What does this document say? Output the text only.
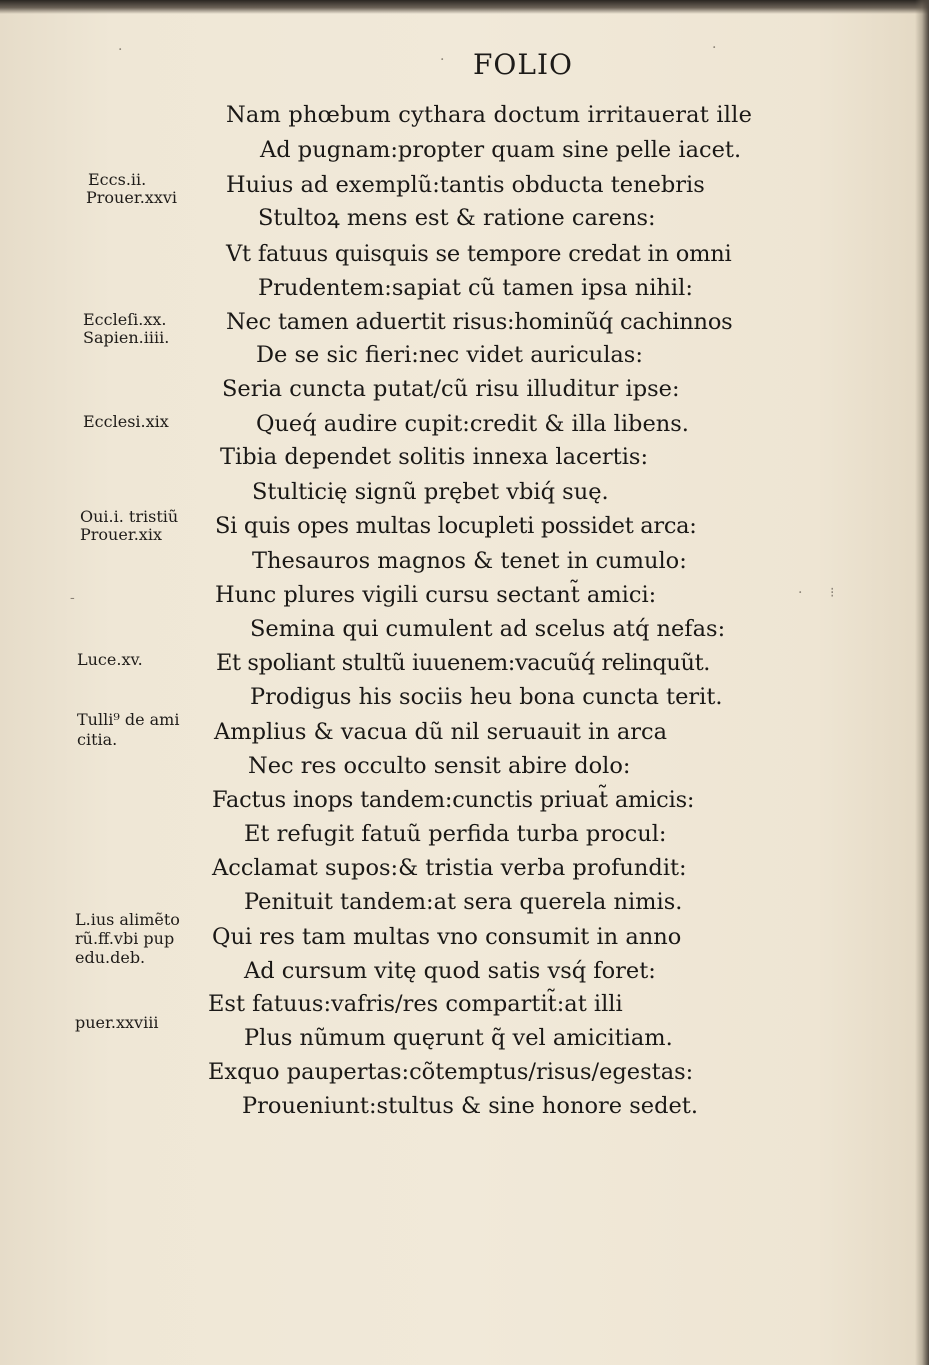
FOLIO
Nam phœbum cythara doctum irritauerat ille
Ad pugnam:propter quam sine pelle iacet.
Huius ad exemplũ:tantis obducta tenebris
Stultoꝝ mens est & ratione carens:
Vt fatuus quisquis se tempore credat in omni
Prudentem:sapiat cũ tamen ipsa nihil:
Nec tamen aduertit risus:hominũq́ cachinnos
De se sic fieri:nec videt auriculas:
Seria cuncta putat/cũ risu illuditur ipse:
Queq́ audire cupit:credit & illa libens.
Tibia dependet solitis innexa lacertis:
Stulticię signũ prębet vbiq́ suę.
Si quis opes multas locupleti possidet arca:
Thesauros magnos & tenet in cumulo:
Hunc plures vigili cursu sectant̃ amici:
Semina qui cumulent ad scelus atq́ nefas:
Et spoliant stultũ iuuenem:vacuũq́ relinquũt.
Prodigus his sociis heu bona cuncta terit.
Amplius & vacua dũ nil seruauit in arca
Nec res occulto sensit abire dolo:
Factus inops tandem:cunctis priuat̃ amicis:
Et refugit fatuũ perfida turba procul:
Acclamat supos:& tristia verba profundit:
Penituit tandem:at sera querela nimis.
Qui res tam multas vno consumit in anno
Ad cursum vitę quod satis vsq́ foret:
Est fatuus:vafris/res compartit̃:at illi
Plus nũmum quęrunt q̃ vel amicitiam.
Exquo paupertas:cõtemptus/risus/egestas:
Proueniunt:stultus & sine honore sedet.
Eccs.ii.
Prouer.xxvi
Eccleſi.xx.
Sapien.iiii.
Ecclesi.xix
Oui.i. tristiũ
Prouer.xix
Luce.xv.
Tulli⁹ de ami
citia.
L.ius alimẽto
rũ.ff.vbi pup
edu.deb.
puer.xxviii
·
·
·
-	· ⁝
